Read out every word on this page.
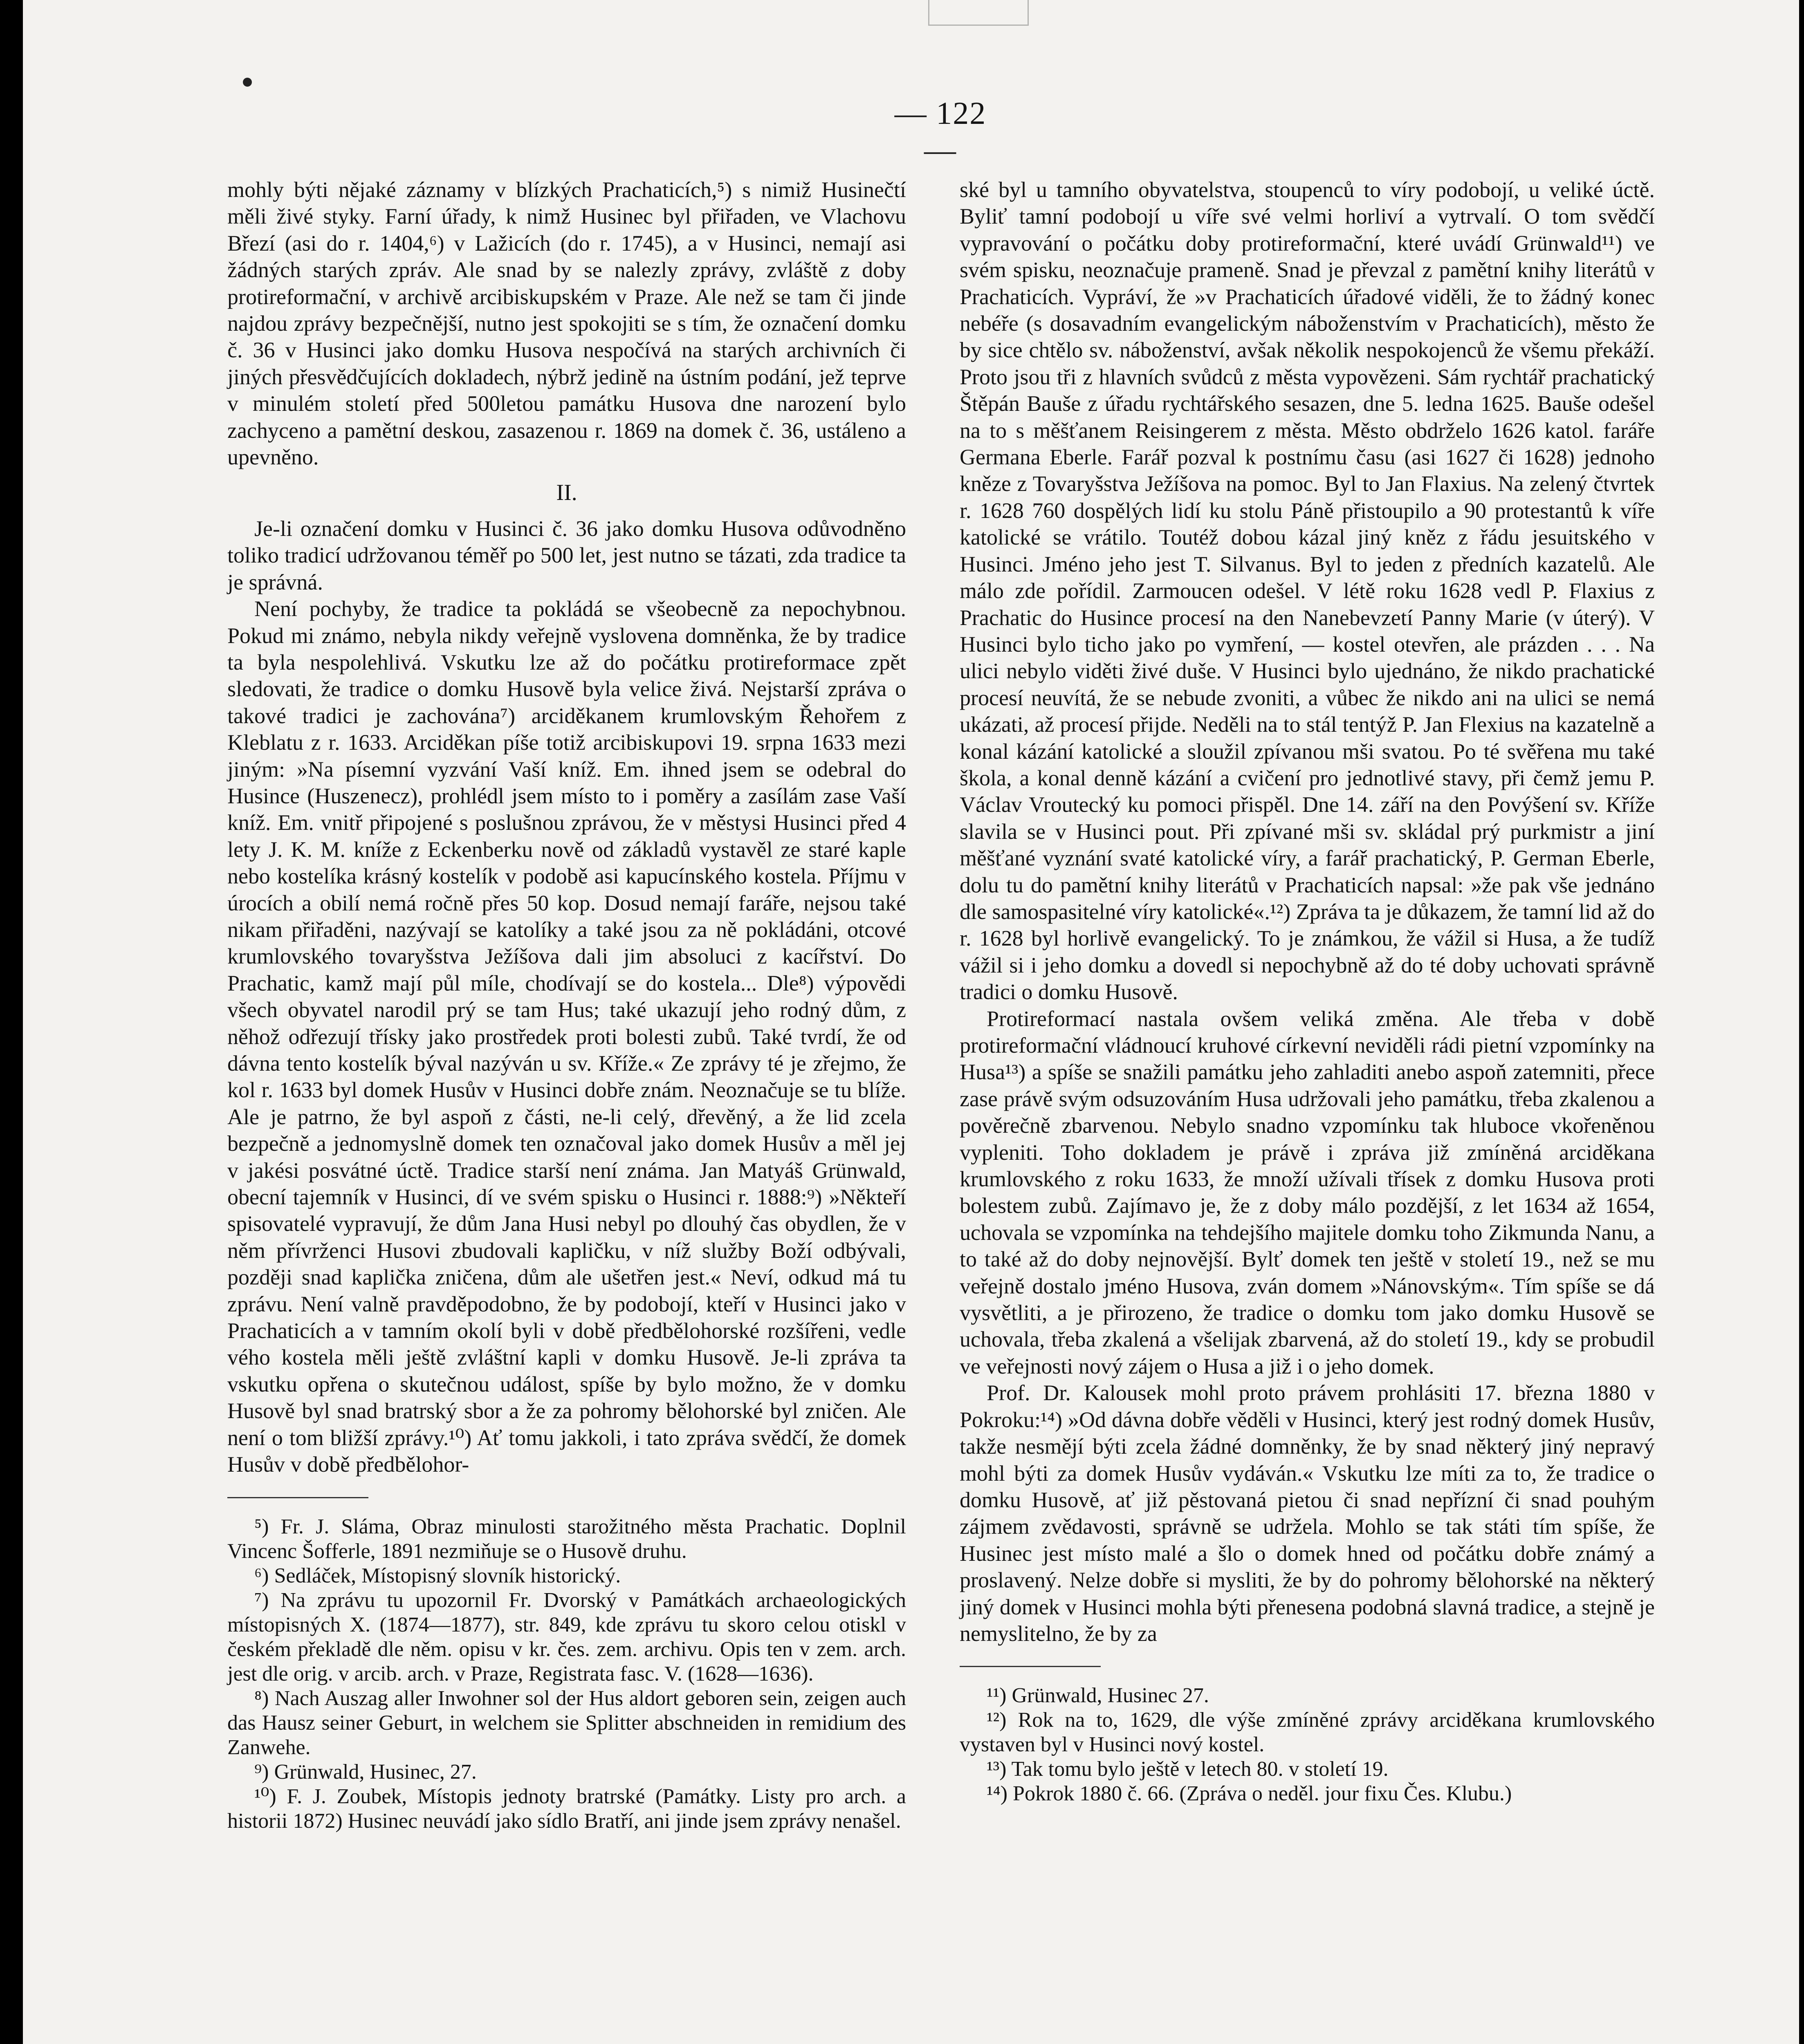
— 122 —

mohly býti nějaké záznamy v blízkých Prachaticích,⁵) s nimiž Husinečtí měli živé styky. Farní úřady, k nimž Husinec byl přiřaden, ve Vlachovu Březí (asi do r. 1404,⁶) v Lažicích (do r. 1745), a v Husinci, nemají asi žádných starých zpráv. Ale snad by se nalezly zprávy, zvláště z doby protireformační, v archivě arcibiskupském v Praze. Ale než se tam či jinde najdou zprávy bezpečnější, nutno jest spokojiti se s tím, že označení domku č. 36 v Husinci jako domku Husova nespočívá na starých archivních či jiných přesvědčujících dokladech, nýbrž jedině na ústním podání, jež teprve v minulém století před 500letou památku Husova dne narození bylo zachyceno a pamětní deskou, zasazenou r. 1869 na domek č. 36, ustáleno a upevněno.

II.

Je-li označení domku v Husinci č. 36 jako domku Husova odůvodněno toliko tradicí udržovanou téměř po 500 let, jest nutno se tázati, zda tradice ta je správná.

Není pochyby, že tradice ta pokládá se všeobecně za nepochybnou. Pokud mi známo, nebyla nikdy veřejně vyslovena domněnka, že by tradice ta byla nespolehlivá. Vskutku lze až do počátku protireformace zpět sledovati, že tradice o domku Husově byla velice živá. Nejstarší zpráva o takové tradici je zachována⁷) arciděkanem krumlovským Řehořem z Kleblatu z r. 1633. Arciděkan píše totiž arcibiskupovi 19. srpna 1633 mezi jiným: »Na písemní vyzvání Vaší kníž. Em. ihned jsem se odebral do Husince (Huszenecz), prohlédl jsem místo to i poměry a zasílám zase Vaší kníž. Em. vnitř připojené s poslušnou zprávou, že v městysi Husinci před 4 lety J. K. M. kníže z Eckenberku nově od základů vystavěl ze staré kaple nebo kostelíka krásný kostelík v podobě asi kapucínského kostela. Příjmu v úrocích a obilí nemá ročně přes 50 kop. Dosud nemají faráře, nejsou také nikam přiřaděni, nazývají se katolíky a také jsou za ně pokládáni, otcové krumlovského tovaryšstva Ježíšova dali jim absoluci z kacířství. Do Prachatic, kamž mají půl míle, chodívají se do kostela... Dle⁸) výpovědi všech obyvatel narodil prý se tam Hus; také ukazují jeho rodný dům, z něhož odřezují třísky jako prostředek proti bolesti zubů. Také tvrdí, že od dávna tento kostelík býval nazýván u sv. Kříže.« Ze zprávy té je zřejmo, že kol r. 1633 byl domek Husův v Husinci dobře znám. Neoznačuje se tu blíže. Ale je patrno, že byl aspoň z části, ne-li celý, dřevěný, a že lid zcela bezpečně a jednomyslně domek ten označoval jako domek Husův a měl jej v jakési posvátné úctě. Tradice starší není známa. Jan Matyáš Grünwald, obecní tajemník v Husinci, dí ve svém spisku o Husinci r. 1888:⁹) »Někteří spisovatelé vypravují, že dům Jana Husi nebyl po dlouhý čas obydlen, že v něm přívrženci Husovi zbudovali kapličku, v níž služby Boží odbývali, později snad kaplička zničena, dům ale ušetřen jest.« Neví, odkud má tu zprávu. Není valně pravděpodobno, že by podobojí, kteří v Husinci jako v Prachaticích a v tamním okolí byli v době předbělohorské rozšířeni, vedle vého kostela měli ještě zvláštní kapli v domku Husově. Je-li zpráva ta vskutku opřena o skutečnou událost, spíše by bylo možno, že v domku Husově byl snad bratrský sbor a že za pohromy bělohorské byl zničen. Ale není o tom bližší zprávy.¹⁰) Ať tomu jakkoli, i tato zpráva svědčí, že domek Husův v době předbělohor-

⁵) Fr. J. Sláma, Obraz minulosti starožitného města Prachatic. Doplnil Vincenc Šofferle, 1891 nezmiňuje se o Husově druhu.

⁶) Sedláček, Místopisný slovník historický.

⁷) Na zprávu tu upozornil Fr. Dvorský v Památkách archaeologických místopisných X. (1874—1877), str. 849, kde zprávu tu skoro celou otiskl v českém překladě dle něm. opisu v kr. čes. zem. archivu. Opis ten v zem. arch. jest dle orig. v arcib. arch. v Praze, Registrata fasc. V. (1628—1636).

⁸) Nach Auszag aller Inwohner sol der Hus aldort geboren sein, zeigen auch das Hausz seiner Geburt, in welchem sie Splitter abschneiden in remidium des Zanwehe.

⁹) Grünwald, Husinec, 27.

¹⁰) F. J. Zoubek, Místopis jednoty bratrské (Památky. Listy pro arch. a historii 1872) Husinec neuvádí jako sídlo Bratří, ani jinde jsem zprávy nenašel.

ské byl u tamního obyvatelstva, stoupenců to víry podobojí, u veliké úctě. Byliť tamní podobojí u víře své velmi horliví a vytrvalí. O tom svědčí vypravování o počátku doby protireformační, které uvádí Grünwald¹¹) ve svém spisku, neoznačuje prameně. Snad je převzal z pamětní knihy literátů v Prachaticích. Vypráví, že »v Prachaticích úřadové viděli, že to žádný konec nebéře (s dosavadním evangelickým náboženstvím v Prachaticích), město že by sice chtělo sv. náboženství, avšak několik nespokojenců že všemu překáží. Proto jsou tři z hlavních svůdců z města vypovězeni. Sám rychtář prachatický Štěpán Bauše z úřadu rychtářského sesazen, dne 5. ledna 1625. Bauše odešel na to s měšťanem Reisingerem z města. Město obdrželo 1626 katol. faráře Germana Eberle. Farář pozval k postnímu času (asi 1627 či 1628) jednoho kněze z Tovaryšstva Ježíšova na pomoc. Byl to Jan Flaxius. Na zelený čtvrtek r. 1628 760 dospělých lidí ku stolu Páně přistoupilo a 90 protestantů k víře katolické se vrátilo. Toutéž dobou kázal jiný kněz z řádu jesuitského v Husinci. Jméno jeho jest T. Silvanus. Byl to jeden z předních kazatelů. Ale málo zde pořídil. Zarmoucen odešel. V létě roku 1628 vedl P. Flaxius z Prachatic do Husince procesí na den Nanebevzetí Panny Marie (v úterý). V Husinci bylo ticho jako po vymření, — kostel otevřen, ale prázden . . . Na ulici nebylo viděti živé duše. V Husinci bylo ujednáno, že nikdo prachatické procesí neuvítá, že se nebude zvoniti, a vůbec že nikdo ani na ulici se nemá ukázati, až procesí přijde. Neděli na to stál tentýž P. Jan Flexius na kazatelně a konal kázání katolické a sloužil zpívanou mši svatou. Po té svěřena mu také škola, a konal denně kázání a cvičení pro jednotlivé stavy, při čemž jemu P. Václav Vroutecký ku pomoci přispěl. Dne 14. září na den Povýšení sv. Kříže slavila se v Husinci pout. Při zpívané mši sv. skládal prý purkmistr a jiní měšťané vyznání svaté katolické víry, a farář prachatický, P. German Eberle, dolu tu do pamětní knihy literátů v Prachaticích napsal: »že pak vše jednáno dle samospasitelné víry katolické«.¹²) Zpráva ta je důkazem, že tamní lid až do r. 1628 byl horlivě evangelický. To je známkou, že vážil si Husa, a že tudíž vážil si i jeho domku a dovedl si nepochybně až do té doby uchovati správně tradici o domku Husově.

Protireformací nastala ovšem veliká změna. Ale třeba v době protireformační vládnoucí kruhové církevní neviděli rádi pietní vzpomínky na Husa¹³) a spíše se snažili památku jeho zahladiti anebo aspoň zatemniti, přece zase právě svým odsuzováním Husa udržovali jeho památku, třeba zkalenou a pověrečně zbarvenou. Nebylo snadno vzpomínku tak hluboce vkořeněnou vypleniti. Toho dokladem je právě i zpráva již zmíněná arciděkana krumlovského z roku 1633, že množí užívali třísek z domku Husova proti bolestem zubů. Zajímavo je, že z doby málo pozdější, z let 1634 až 1654, uchovala se vzpomínka na tehdejšího majitele domku toho Zikmunda Nanu, a to také až do doby nejnovější. Bylť domek ten ještě v století 19., než se mu veřejně dostalo jméno Husova, zván domem »Nánovským«. Tím spíše se dá vysvětliti, a je přirozeno, že tradice o domku tom jako domku Husově se uchovala, třeba zkalená a všelijak zbarvená, až do století 19., kdy se probudil ve veřejnosti nový zájem o Husa a již i o jeho domek.

Prof. Dr. Kalousek mohl proto právem prohlásiti 17. března 1880 v Pokroku:¹⁴) »Od dávna dobře věděli v Husinci, který jest rodný domek Husův, takže nesmějí býti zcela žádné domněnky, že by snad některý jiný nepravý mohl býti za domek Husův vydáván.« Vskutku lze míti za to, že tradice o domku Husově, ať již pěstovaná pietou či snad nepřízní či snad pouhým zájmem zvědavosti, správně se udržela. Mohlo se tak státi tím spíše, že Husinec jest místo malé a šlo o domek hned od počátku dobře známý a proslavený. Nelze dobře si mysliti, že by do pohromy bělohorské na některý jiný domek v Husinci mohla býti přenesena podobná slavná tradice, a stejně je nemyslitelno, že by za

¹¹) Grünwald, Husinec 27.

¹²) Rok na to, 1629, dle výše zmíněné zprávy arciděkana krumlovského vystaven byl v Husinci nový kostel.

¹³) Tak tomu bylo ještě v letech 80. v století 19.

¹⁴) Pokrok 1880 č. 66. (Zpráva o neděl. jour fixu Čes. Klubu.)
